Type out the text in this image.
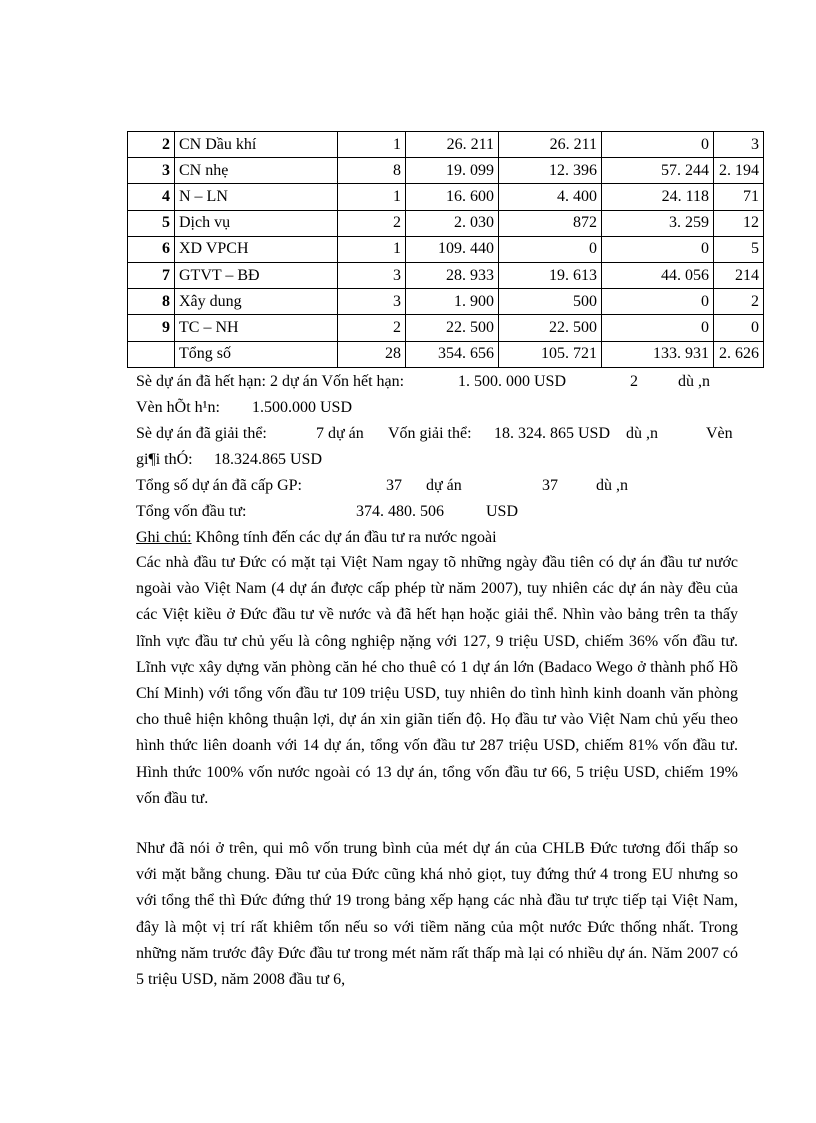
2	CN Dầu khí	1	26. 211	26. 211	0	3
3	CN nhẹ	8	19. 099	12. 396	57. 244	2. 194
4	N – LN	1	16. 600	4. 400	24. 118	71
5	Dịch vụ	2	2. 030	872	3. 259	12
6	XD VPCH	1	109. 440	0	0	5
7	GTVT – BĐ	3	28. 933	19. 613	44. 056	214
8	Xây dung	3	1. 900	500	0	2
9	TC – NH	2	22. 500	22. 500	0	0
	Tổng số	28	354. 656	105. 721	133. 931	2. 626
Sè dự án đã hết hạn: 2 dự án Vốn hết hạn:	1. 500. 000 USD	2	dù ,n
Vèn hÕt h¹n: 1.500.000 USD
Sè dự án đã giải thể:	7 dự án Vốn giải thể: 18. 324. 865 USD dù ,n	Vèn
gi¶i thÓ: 18.324.865 USD
Tổng số dự án đã cấp GP:	37 dự án	37 dù ,n
Tổng vốn đầu tư:	374. 480. 506	USD
Ghi chú: Không tính đến các dự án đầu tư ra nước ngoài

Các nhà đầu tư Đức có mặt tại Việt Nam ngay tõ những ngày đầu tiên có dự án đầu tư nước ngoài vào Việt Nam (4 dự án được cấp phép từ năm 2007), tuy nhiên các dự án này đều của các Việt kiều ở Đức đầu tư về nước và đã hết hạn hoặc giải thể. Nhìn vào bảng trên ta thấy lĩnh vực đầu tư chủ yếu là công nghiệp nặng với 127, 9 triệu USD, chiếm 36% vốn đầu tư. Lĩnh vực xây dựng văn phòng căn hé cho thuê có 1 dự án lớn (Badaco Wego ở thành phố Hồ Chí Minh) với tổng vốn đầu tư 109 triệu USD, tuy nhiên do tình hình kinh doanh văn phòng cho thuê hiện không thuận lợi, dự án xin giãn tiến độ. Họ đầu tư vào Việt Nam chủ yếu theo hình thức liên doanh với 14 dự án, tổng vốn đầu tư 287 triệu USD, chiếm 81% vốn đầu tư. Hình thức 100% vốn nước ngoài có 13 dự án, tổng vốn đầu tư 66, 5 triệu USD, chiếm 19% vốn đầu tư.

Như đã nói ở trên, qui mô vốn trung bình của mét dự án của CHLB Đức tương đối thấp so với mặt bằng chung. Đầu tư của Đức cũng khá nhỏ giọt, tuy đứng thứ 4 trong EU nhưng so với tổng thể thì Đức đứng thứ 19 trong bảng xếp hạng các nhà đầu tư trực tiếp tại Việt Nam, đây là một vị trí rất khiêm tốn nếu so với tiềm năng của một nước Đức thống nhất. Trong những năm trước đây Đức đầu tư trong mét năm rất thấp mà lại có nhiều dự án. Năm 2007 có 5 triệu USD, năm 2008 đầu tư 6,
